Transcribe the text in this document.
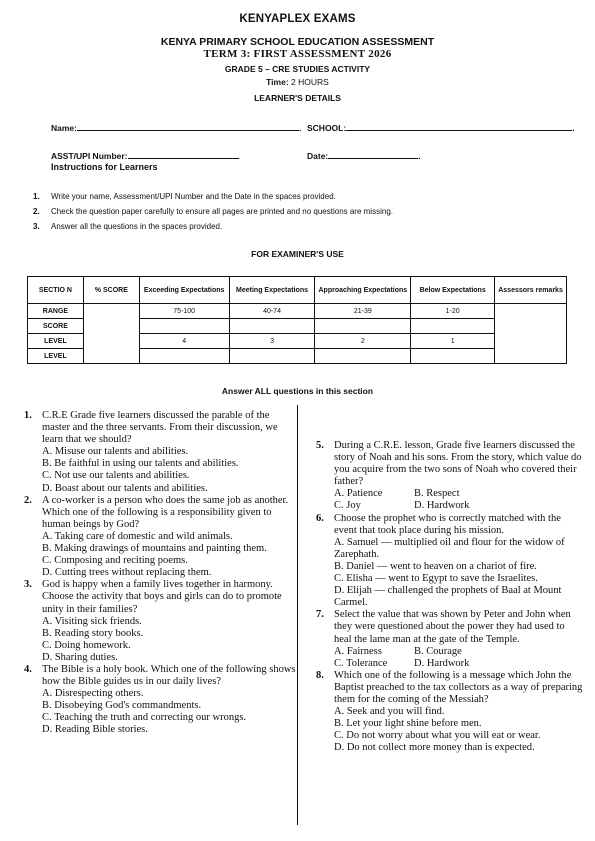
KENYAPLEX EXAMS
KENYA PRIMARY SCHOOL EDUCATION ASSESSMENT
TERM 3: FIRST ASSESSMENT 2026
GRADE 5 – CRE STUDIES ACTIVITY
Time: 2 HOURS
LEARNER'S DETAILS
Name:	. SCHOOL:	.
ASST/UPI Number:	.	Date:	.
Instructions for Learners
1. Write your name, Assessment/UPI Number and the Date in the spaces provided.
2. Check the question paper carefully to ensure all pages are printed and no questions are missing.
3. Answer all the questions in the spaces provided.
FOR EXAMINER'S USE
SECTIO N	% SCORE	Exceeding Expectations	Meeting Expectations	Approaching Expectations	Below Expectations	Assessors remarks
RANGE		75-100	40-74	21-39	1-20	
SCORE						
LEVEL		4	3	2	1	
LEVEL						
Answer ALL questions in this section
1. C.R.E Grade five learners discussed the parable of the master and the three servants. From their discussion, we learn that we should?
A. Misuse our talents and abilities.
B. Be faithful in using our talents and abilities.
C. Not use our talents and abilities.
D. Boast about our talents and abilities.
2. A co-worker is a person who does the same job as another. Which one of the following is a responsibility given to human beings by God?
A. Taking care of domestic and wild animals.
B. Making drawings of mountains and painting them.
C. Composing and reciting poems.
D. Cutting trees without replacing them.
3. God is happy when a family lives together in harmony. Choose the activity that boys and girls can do to promote unity in their families?
A. Visiting sick friends.
B. Reading story books.
C. Doing homework.
D. Sharing duties.
4. The Bible is a holy book. Which one of the following shows how the Bible guides us in our daily lives?
A. Disrespecting others.
B. Disobeying God's commandments.
C. Teaching the truth and correcting our wrongs.
D. Reading Bible stories.
5. During a C.R.E. lesson, Grade five learners discussed the story of Noah and his sons. From the story, which value do you acquire from the two sons of Noah who covered their father?
A. Patience	B. Respect
C. Joy	D. Hardwork
6. Choose the prophet who is correctly matched with the event that took place during his mission.
A. Samuel — multiplied oil and flour for the widow of Zarephath.
B. Daniel — went to heaven on a chariot of fire.
C. Elisha — went to Egypt to save the Israelites.
D. Elijah — challenged the prophets of Baal at Mount Carmel.
7. Select the value that was shown by Peter and John when they were questioned about the power they had used to heal the lame man at the gate of the Temple.
A. Fairness	B. Courage
C. Tolerance	D. Hardwork
8. Which one of the following is a message which John the Baptist preached to the tax collectors as a way of preparing them for the coming of the Messiah?
A. Seek and you will find.
B. Let your light shine before men.
C. Do not worry about what you will eat or wear.
D. Do not collect more money than is expected.
